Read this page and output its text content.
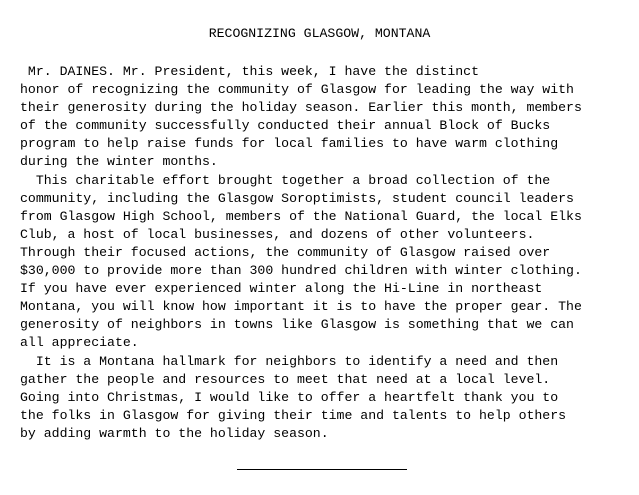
RECOGNIZING GLASGOW, MONTANA
Mr. DAINES. Mr. President, this week, I have the distinct
honor of recognizing the community of Glasgow for leading the way with
their generosity during the holiday season. Earlier this month, members
of the community successfully conducted their annual Block of Bucks
program to help raise funds for local families to have warm clothing
during the winter months.
This charitable effort brought together a broad collection of the
community, including the Glasgow Soroptimists, student council leaders
from Glasgow High School, members of the National Guard, the local Elks
Club, a host of local businesses, and dozens of other volunteers.
Through their focused actions, the community of Glasgow raised over
$30,000 to provide more than 300 hundred children with winter clothing.
If you have ever experienced winter along the Hi-Line in northeast
Montana, you will know how important it is to have the proper gear. The
generosity of neighbors in towns like Glasgow is something that we can
all appreciate.
It is a Montana hallmark for neighbors to identify a need and then
gather the people and resources to meet that need at a local level.
Going into Christmas, I would like to offer a heartfelt thank you to
the folks in Glasgow for giving their time and talents to help others
by adding warmth to the holiday season.
